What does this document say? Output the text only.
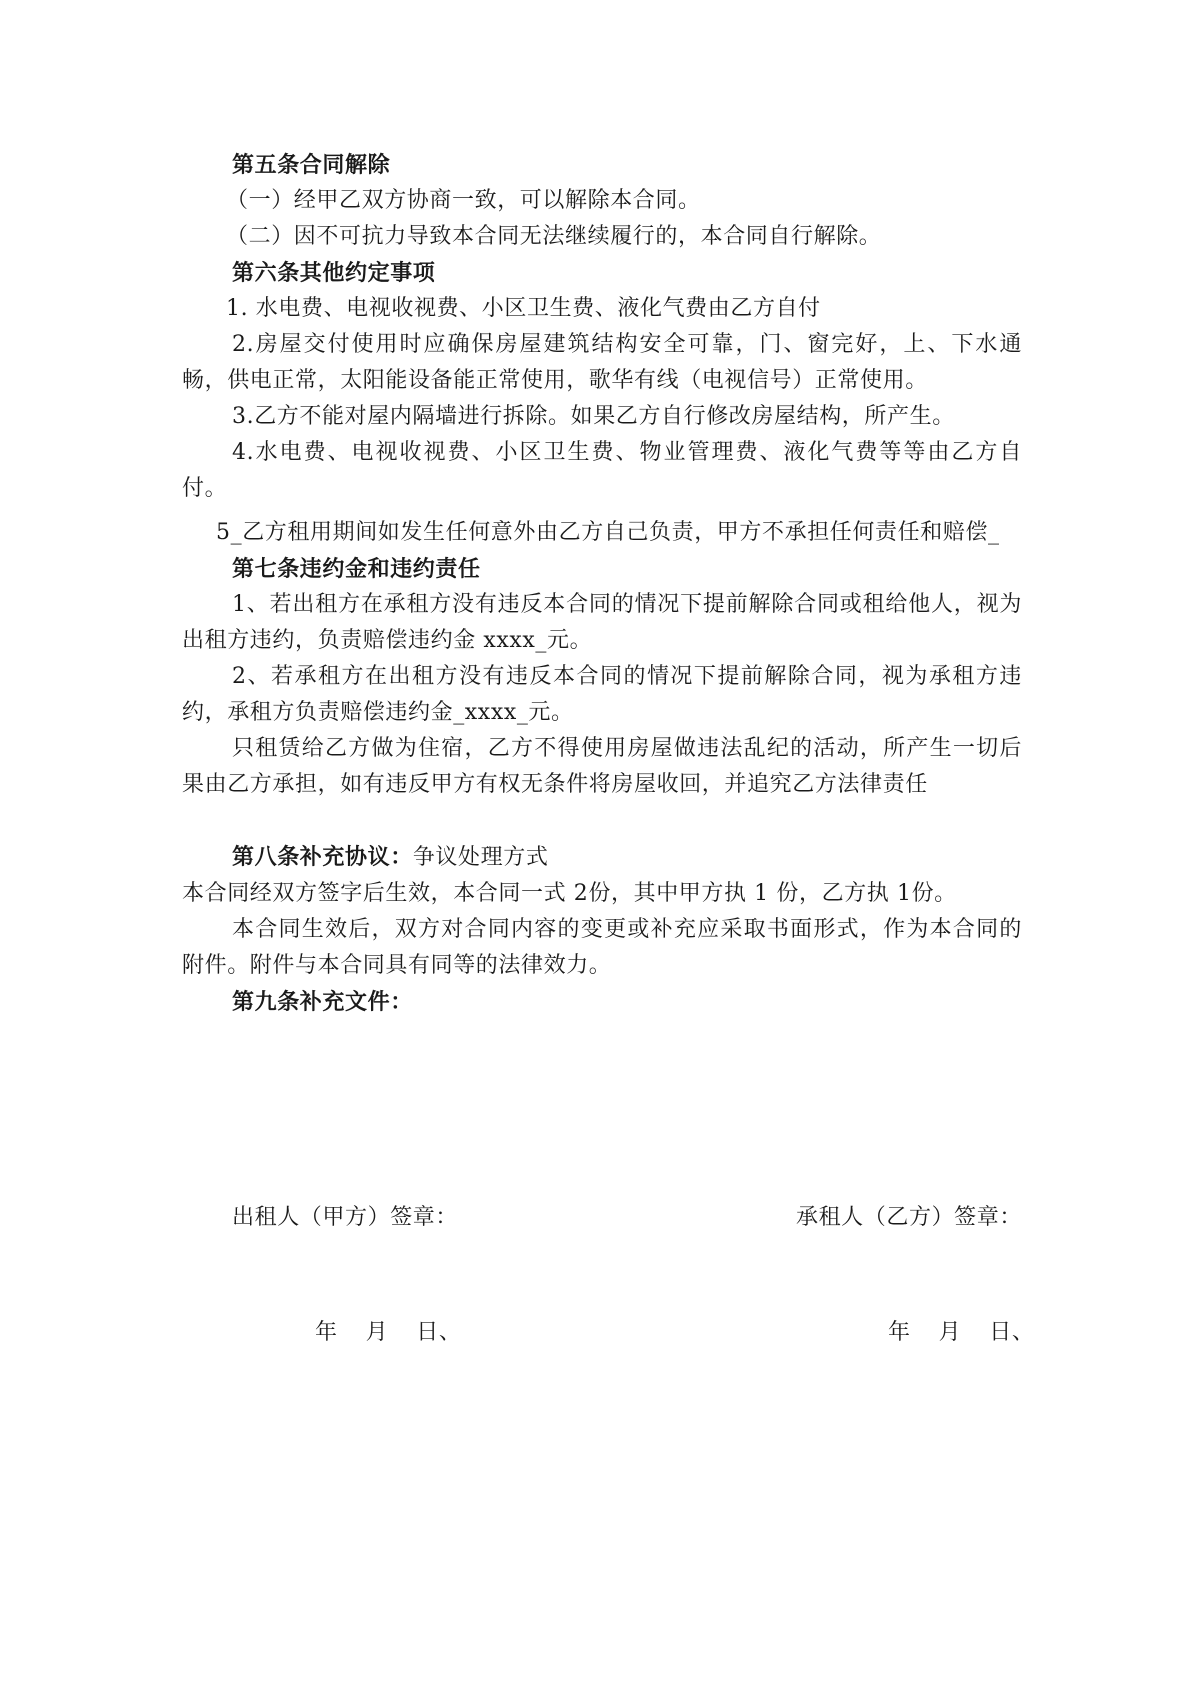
第五条合同解除

（一）经甲乙双方协商一致，可以解除本合同。

（二）因不可抗力导致本合同无法继续履行的，本合同自行解除。

第六条其他约定事项

1. 水电费、电视收视费、小区卫生费、液化气费由乙方自付

2.房屋交付使用时应确保房屋建筑结构安全可靠，门、窗完好，上、下水通畅，供电正常，太阳能设备能正常使用，歌华有线（电视信号）正常使用。

3.乙方不能对屋内隔墙进行拆除。如果乙方自行修改房屋结构，所产生。

4.水电费、电视收视费、小区卫生费、物业管理费、液化气费等等由乙方自付。

5_乙方租用期间如发生任何意外由乙方自己负责，甲方不承担任何责任和赔偿_

第七条违约金和违约责任

1、若出租方在承租方没有违反本合同的情况下提前解除合同或租给他人，视为出租方违约，负责赔偿违约金 xxxx_元。

2、若承租方在出租方没有违反本合同的情况下提前解除合同，视为承租方违约，承租方负责赔偿违约金_xxxx_元。

只租赁给乙方做为住宿，乙方不得使用房屋做违法乱纪的活动，所产生一切后果由乙方承担，如有违反甲方有权无条件将房屋收回，并追究乙方法律责任

第八条补充协议：争议处理方式

本合同经双方签字后生效，本合同一式 2份，其中甲方执 1 份，乙方执 1份。

本合同生效后，双方对合同内容的变更或补充应采取书面形式，作为本合同的附件。附件与本合同具有同等的法律效力。

第九条补充文件：

出租人（甲方）签章：	承租人（乙方）签章：
年 月 日、	年 月 日、
